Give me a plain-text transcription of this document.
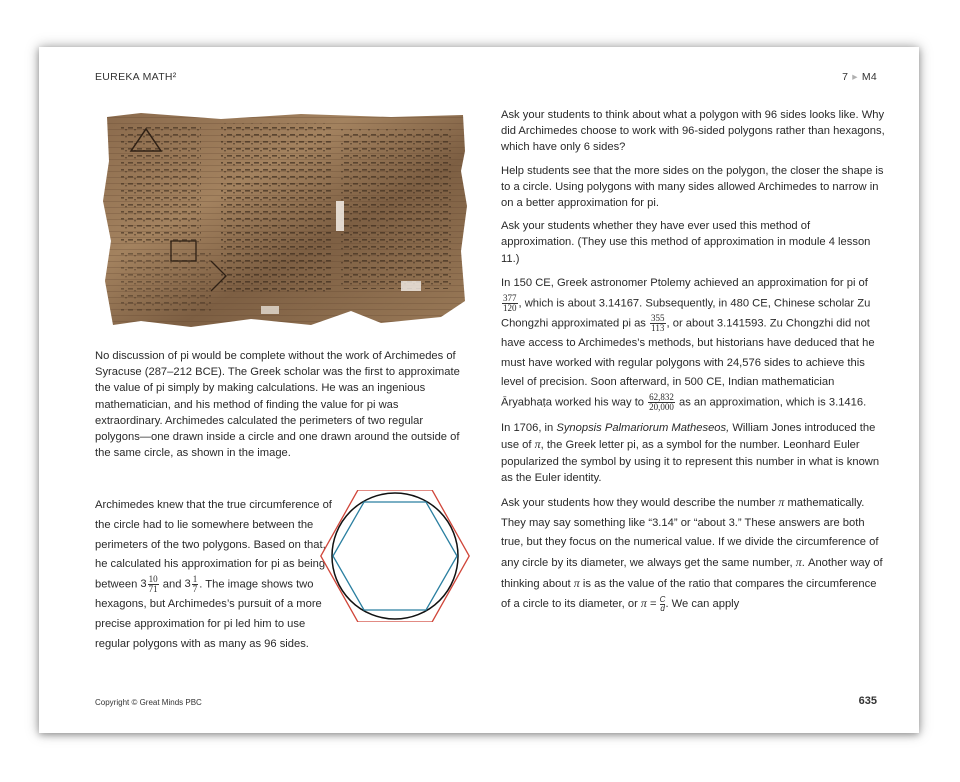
EUREKA MATH²	7 ▸ M4

No discussion of pi would be complete without the work of Archimedes of Syracuse (287–212 BCE). The Greek scholar was the first to approximate the value of pi simply by making calculations. He was an ingenious mathematician, and his method of finding the value for pi was extraordinary. Archimedes calculated the perimeters of two regular polygons—one drawn inside a circle and one drawn around the outside of the same circle, as shown in the image.

Archimedes knew that the true circumference of the circle had to lie somewhere between the perimeters of the two polygons. Based on that, he calculated his approximation for pi as being between $3 \frac{10}{71}$ and $3 \frac{1}{7}$ . The image shows two hexagons, but Archimedes’s pursuit of a more precise approximation for pi led him to use regular polygons with as many as 96 sides.

Ask your students to think about what a polygon with 96 sides looks like. Why did Archimedes choose to work with 96-sided polygons rather than hexagons, which have only 6 sides?

Help students see that the more sides on the polygon, the closer the shape is to a circle. Using polygons with many sides allowed Archimedes to narrow in on a better approximation for pi.

Ask your students whether they have ever used this method of approximation. (They use this method of approximation in module 4 lesson 11.)

In 150 CE, Greek astronomer Ptolemy achieved an approximation for pi of
$\frac{377}{120}$ , which is about 3.14167. Subsequently, in 480 CE, Chinese scholar Zu Chongzhi approximated pi as $\frac{355}{113}$ , or about 3.141593. Zu Chongzhi did not have access to Archimedes’s methods, but historians have deduced that he must have worked with regular polygons with 24,576 sides to achieve this level of precision. Soon afterward, in 500 CE, Indian mathematician Āryabhaṭa worked his way to $\frac{62,832}{20,000}$ as an approximation, which is 3.1416.

In 1706, in Synopsis Palmariorum Matheseos, William Jones introduced the use of π, the Greek letter pi, as a symbol for the number. Leonhard Euler popularized the symbol by using it to represent this number in what is known as the Euler identity.

Ask your students how they would describe the number π mathematically. They may say something like “3.14” or “about 3.” These answers are both true, but they focus on the numerical value. If we divide the circumference of any circle by its diameter, we always get the same number, π. Another way of thinking about π is as the value of the ratio that compares the circumference of a circle to its diameter, or $\pi = \frac{C}{d}$ . We can apply

Copyright © Great Minds PBC	635
